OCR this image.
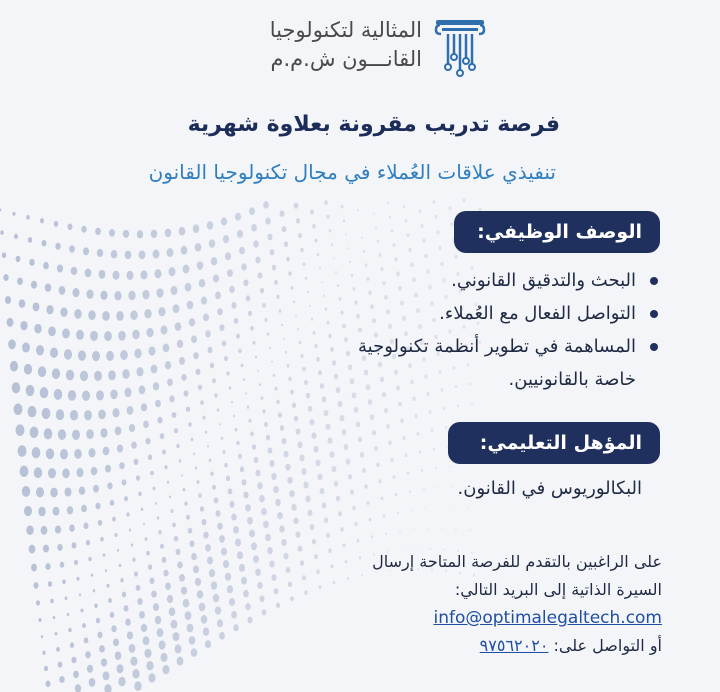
المثالية لتكنولوجيا
القانـــون ش.م.م
فرصة تدريب مقرونة بعلاوة شهرية
تنفيذي علاقات العُملاء في مجال تكنولوجيا القانون
الوصف الوظيفي:
البحث والتدقيق القانوني.
التواصل الفعال مع العُملاء.
المساهمة في تطوير أنظمة تكنولوجية خاصة بالقانونيين.
المؤهل التعليمي:
البكالوريوس في القانون.
على الراغبين بالتقدم للفرصة المتاحة إرسال
السيرة الذاتية إلى البريد التالي:
info@optimalegaltech.com
أو التواصل على: ٩٧٥٦٢٠٢٠
